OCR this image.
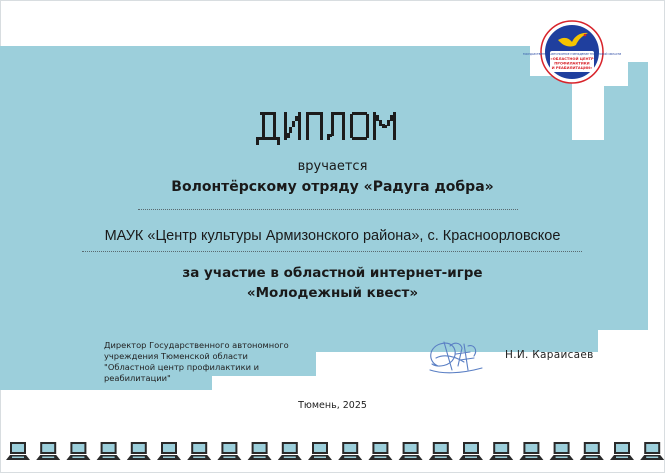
ГОСУДАРСТВЕННОЕ АВТОНОМНОЕ УЧРЕЖДЕНИЕ ТЮМЕНСКОЙ ОБЛАСТИ
«ОБЛАСТНОЙ ЦЕНТР
ПРОФИЛАКТИКИ
И РЕАБИЛИТАЦИИ»
вручается
Волонтёрскому отряду «Радуга добра»
МАУК «Центр культуры Армизонского района», с. Красноорловское
за участие в областной интернет-игре
«Молодежный квест»
Директор Государственного автономного
учреждения Тюменской области
"Областной центр профилактики и
реабилитации"
Н.И. Караисаев
Тюмень, 2025
